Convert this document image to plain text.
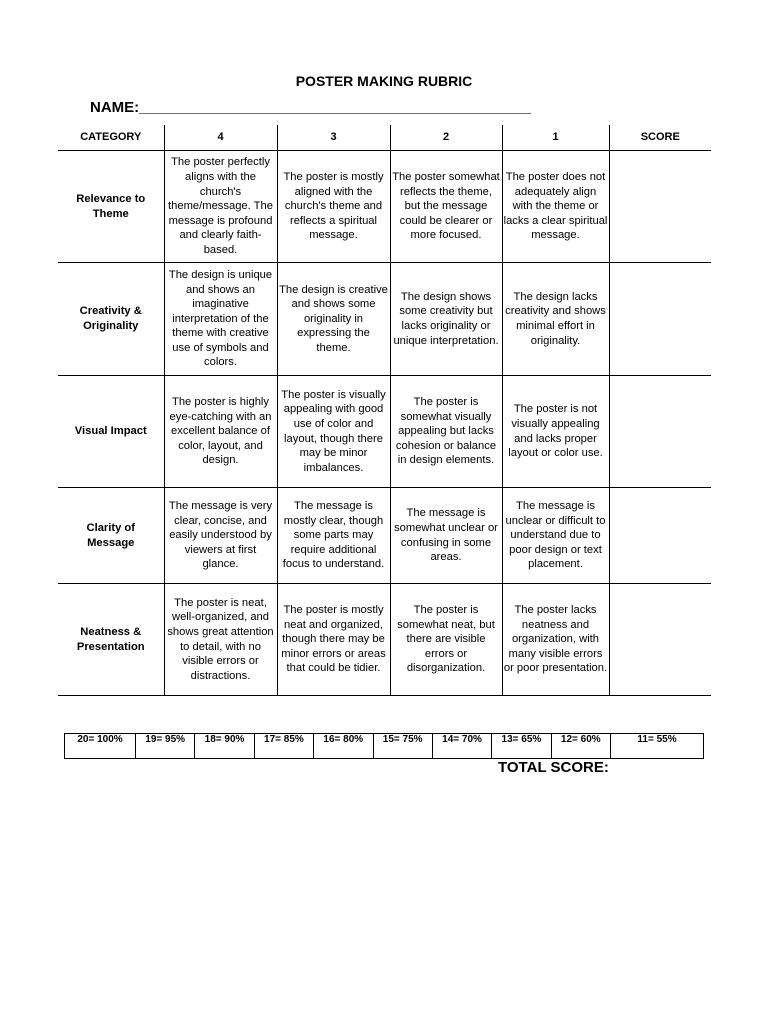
POSTER MAKING RUBRIC
NAME:_______________________________________________
CATEGORY	4	3	2	1	SCORE
Relevance to Theme	The poster perfectly aligns with the church's theme/message. The message is profound and clearly faith-based.	The poster is mostly aligned with the church's theme and reflects a spiritual message.	The poster somewhat reflects the theme, but the message could be clearer or more focused.	The poster does not adequately align with the theme or lacks a clear spiritual message.	
Creativity & Originality	The design is unique and shows an imaginative interpretation of the theme with creative use of symbols and colors.	The design is creative and shows some originality in expressing the theme.	The design shows some creativity but lacks originality or unique interpretation.	The design lacks creativity and shows minimal effort in originality.	
Visual Impact	The poster is highly eye-catching with an excellent balance of color, layout, and design.	The poster is visually appealing with good use of color and layout, though there may be minor imbalances.	The poster is somewhat visually appealing but lacks cohesion or balance in design elements.	The poster is not visually appealing and lacks proper layout or color use.	
Clarity of Message	The message is very clear, concise, and easily understood by viewers at first glance.	The message is mostly clear, though some parts may require additional focus to understand.	The message is somewhat unclear or confusing in some areas.	The message is unclear or difficult to understand due to poor design or text placement.	
Neatness & Presentation	The poster is neat, well-organized, and shows great attention to detail, with no visible errors or distractions.	The poster is mostly neat and organized, though there may be minor errors or areas that could be tidier.	The poster is somewhat neat, but there are visible errors or disorganization.	The poster lacks neatness and organization, with many visible errors or poor presentation.	
20= 100%	19= 95%	18= 90%	17= 85%	16= 80%	15= 75%	14= 70%	13= 65%	12= 60%	11= 55%
TOTAL SCORE:
